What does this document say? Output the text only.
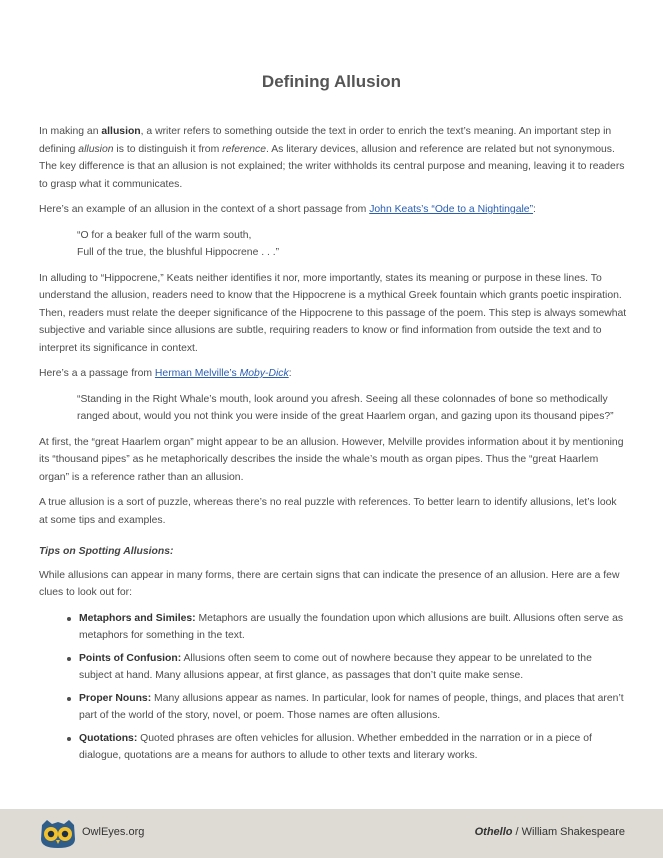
Defining Allusion

In making an allusion, a writer refers to something outside the text in order to enrich the text’s meaning. An important step in defining allusion is to distinguish it from reference. As literary devices, allusion and reference are related but not synonymous. The key difference is that an allusion is not explained; the writer withholds its central purpose and meaning, leaving it to readers to grasp what it communicates.

Here’s an example of an allusion in the context of a short passage from John Keats’s “Ode to a Nightingale”:

“O for a beaker full of the warm south,
Full of the true, the blushful Hippocrene . . .”

In alluding to “Hippocrene,” Keats neither identifies it nor, more importantly, states its meaning or purpose in these lines. To understand the allusion, readers need to know that the Hippocrene is a mythical Greek fountain which grants poetic inspiration. Then, readers must relate the deeper significance of the Hippocrene to this passage of the poem. This step is always somewhat subjective and variable since allusions are subtle, requiring readers to know or find information from outside the text and to interpret its significance in context.

Here’s a a passage from Herman Melville’s Moby-Dick:

“Standing in the Right Whale’s mouth, look around you afresh. Seeing all these colonnades of bone so methodically ranged about, would you not think you were inside of the great Haarlem organ, and gazing upon its thousand pipes?”

At first, the “great Haarlem organ” might appear to be an allusion. However, Melville provides information about it by mentioning its “thousand pipes” as he metaphorically describes the inside the whale’s mouth as organ pipes. Thus the “great Haarlem organ” is a reference rather than an allusion.

A true allusion is a sort of puzzle, whereas there’s no real puzzle with references. To better learn to identify allusions, let’s look at some tips and examples.

Tips on Spotting Allusions:

While allusions can appear in many forms, there are certain signs that can indicate the presence of an allusion. Here are a few clues to look out for:

Metaphors and Similes: Metaphors are usually the foundation upon which allusions are built. Allusions often serve as metaphors for something in the text.
Points of Confusion: Allusions often seem to come out of nowhere because they appear to be unrelated to the subject at hand. Many allusions appear, at first glance, as passages that don’t quite make sense.
Proper Nouns: Many allusions appear as names. In particular, look for names of people, things, and places that aren’t part of the world of the story, novel, or poem. Those names are often allusions.
Quotations: Quoted phrases are often vehicles for allusion. Whether embedded in the narration or in a piece of dialogue, quotations are a means for authors to allude to other texts and literary works.
OwlEyes.org	Othello / William Shakespeare
